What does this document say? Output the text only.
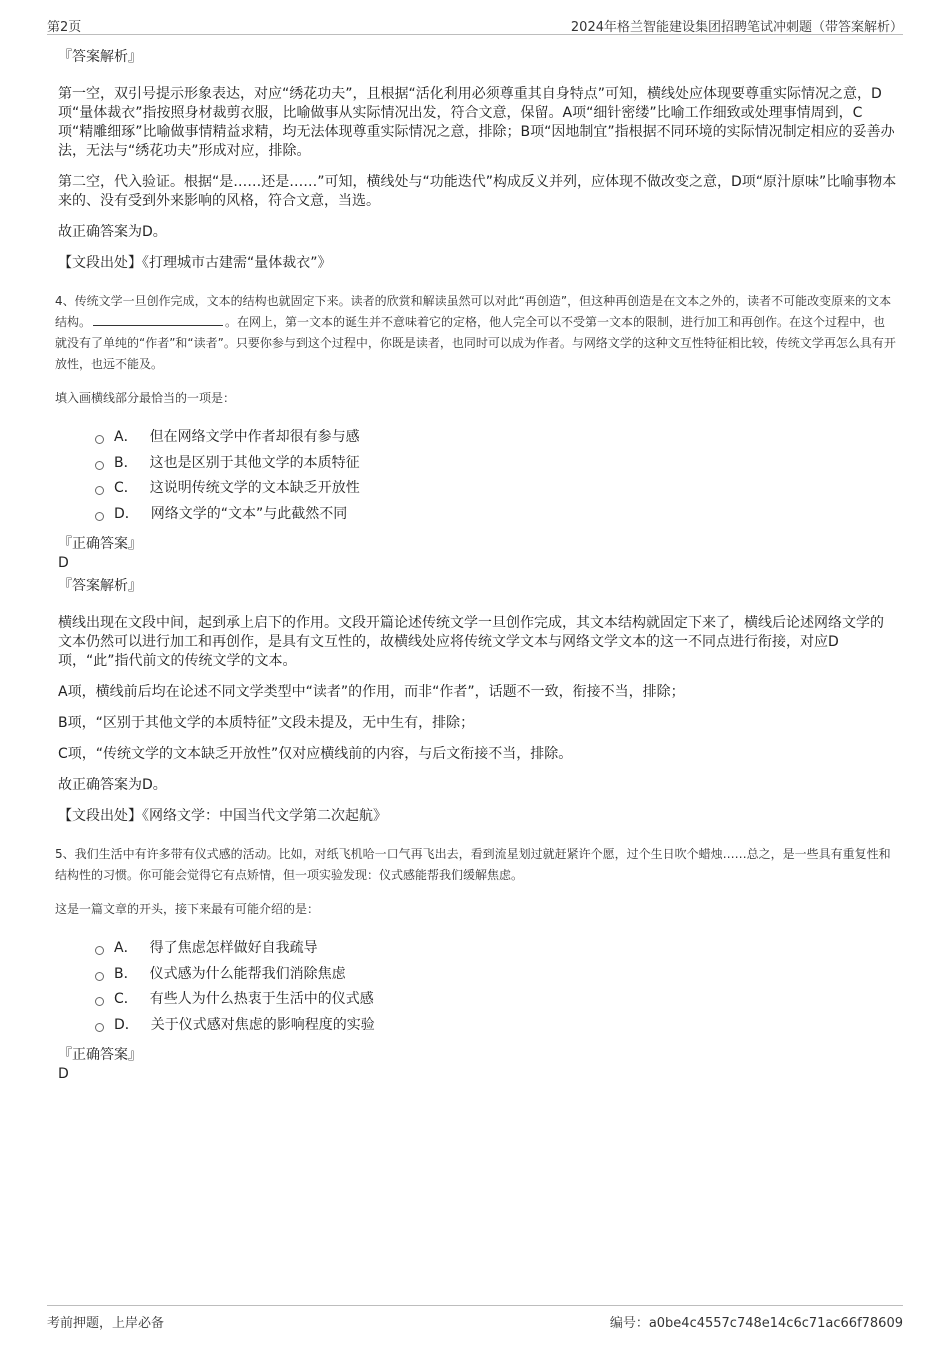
第2页	2024年格兰智能建设集团招聘笔试冲刺题（带答案解析）
『答案解析』
第一空，双引号提示形象表达，对应“绣花功夫”，且根据“活化利用必须尊重其自身特点”可知，横线处应体现要尊重实际情况之意，D项“量体裁衣”指按照身材裁剪衣服，比喻做事从实际情况出发，符合文意，保留。A项“细针密缕”比喻工作细致或处理事情周到，C项“精雕细琢”比喻做事情精益求精，均无法体现尊重实际情况之意，排除；B项“因地制宜”指根据不同环境的实际情况制定相应的妥善办法，无法与“绣花功夫”形成对应，排除。
第二空，代入验证。根据“是……还是……”可知，横线处与“功能迭代”构成反义并列，应体现不做改变之意，D项“原汁原味”比喻事物本来的、没有受到外来影响的风格，符合文意，当选。
故正确答案为D。
【文段出处】《打理城市古建需“量体裁衣”》
4、传统文学一旦创作完成，文本的结构也就固定下来。读者的欣赏和解读虽然可以对此“再创造”，但这种再创造是在文本之外的，读者不可能改变原来的文本结构。	。在网上，第一文本的诞生并不意味着它的定格，他人完全可以不受第一文本的限制，进行加工和再创作。在这个过程中，也就没有了单纯的“作者”和“读者”。只要你参与到这个过程中，你既是读者，也同时可以成为作者。与网络文学的这种文互性特征相比较，传统文学再怎么具有开放性，也远不能及。
填入画横线部分最恰当的一项是：
A． 但在网络文学中作者却很有参与感
B． 这也是区别于其他文学的本质特征
C． 这说明传统文学的文本缺乏开放性
D． 网络文学的“文本”与此截然不同
『正确答案』
D
『答案解析』
横线出现在文段中间，起到承上启下的作用。文段开篇论述传统文学一旦创作完成，其文本结构就固定下来了，横线后论述网络文学的文本仍然可以进行加工和再创作，是具有文互性的，故横线处应将传统文学文本与网络文学文本的这一不同点进行衔接，对应D项，“此”指代前文的传统文学的文本。
A项，横线前后均在论述不同文学类型中“读者”的作用，而非“作者”，话题不一致，衔接不当，排除；
B项，“区别于其他文学的本质特征”文段未提及，无中生有，排除；
C项，“传统文学的文本缺乏开放性”仅对应横线前的内容，与后文衔接不当，排除。
故正确答案为D。
【文段出处】《网络文学：中国当代文学第二次起航》
5、我们生活中有许多带有仪式感的活动。比如，对纸飞机哈一口气再飞出去，看到流星划过就赶紧许个愿，过个生日吹个蜡烛……总之，是一些具有重复性和结构性的习惯。你可能会觉得它有点矫情，但一项实验发现：仪式感能帮我们缓解焦虑。
这是一篇文章的开头，接下来最有可能介绍的是：
A． 得了焦虑怎样做好自我疏导
B． 仪式感为什么能帮我们消除焦虑
C． 有些人为什么热衷于生活中的仪式感
D． 关于仪式感对焦虑的影响程度的实验
『正确答案』
D
考前押题，上岸必备	编号：a0be4c4557c748e14c6c71ac66f78609
